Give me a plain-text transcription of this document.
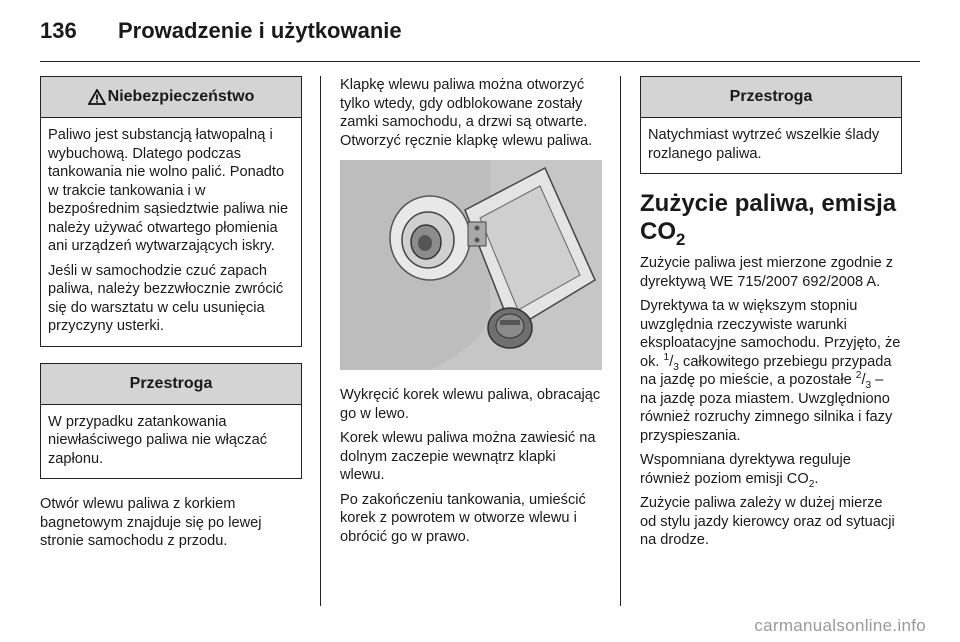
136 Prowadzenie i użytkowanie
Niebezpieczeństwo

Paliwo jest substancją łatwopalną i wybuchową. Dlatego podczas tankowania nie wolno palić. Ponadto w trakcie tankowania i w bezpośrednim sąsiedztwie paliwa nie należy używać otwartego płomienia ani urządzeń wytwarzających iskry.

Jeśli w samochodzie czuć zapach paliwa, należy bezzwłocznie zwrócić się do warsztatu w celu usunięcia przyczyny usterki.

Przestroga

W przypadku zatankowania niewłaściwego paliwa nie włączać zapłonu.

Otwór wlewu paliwa z korkiem bagnetowym znajduje się po lewej stronie samochodu z przodu.

Klapkę wlewu paliwa można otworzyć tylko wtedy, gdy odblokowane zostały zamki samochodu, a drzwi są otwarte. Otworzyć ręcznie klapkę wlewu paliwa.

Wykręcić korek wlewu paliwa, obracając go w lewo.

Korek wlewu paliwa można zawiesić na dolnym zaczepie wewnątrz klapki wlewu.

Po zakończeniu tankowania, umieścić korek z powrotem w otworze wlewu i obrócić go w prawo.

Przestroga

Natychmiast wytrzeć wszelkie ślady rozlanego paliwa.

Zużycie paliwa, emisja
$CO_2$

Zużycie paliwa jest mierzone zgodnie z dyrektywą WE 715/2007 692/2008 A.

Dyrektywa ta w większym stopniu uwzględnia rzeczywiste warunki eksploatacyjne samochodu. Przyjęto, że ok. $^1/_3$ całkowitego przebiegu przypada na jazdę po mieście, a pozostałe $^2/_3$ – na jazdę poza miastem. Uwzględniono również rozruchy zimnego silnika i fazy przyspieszania.

Wspomniana dyrektywa reguluje również poziom emisji $CO_2$.

Zużycie paliwa zależy w dużej mierze od stylu jazdy kierowcy oraz od sytuacji na drodze.

carmanualsonline.info
